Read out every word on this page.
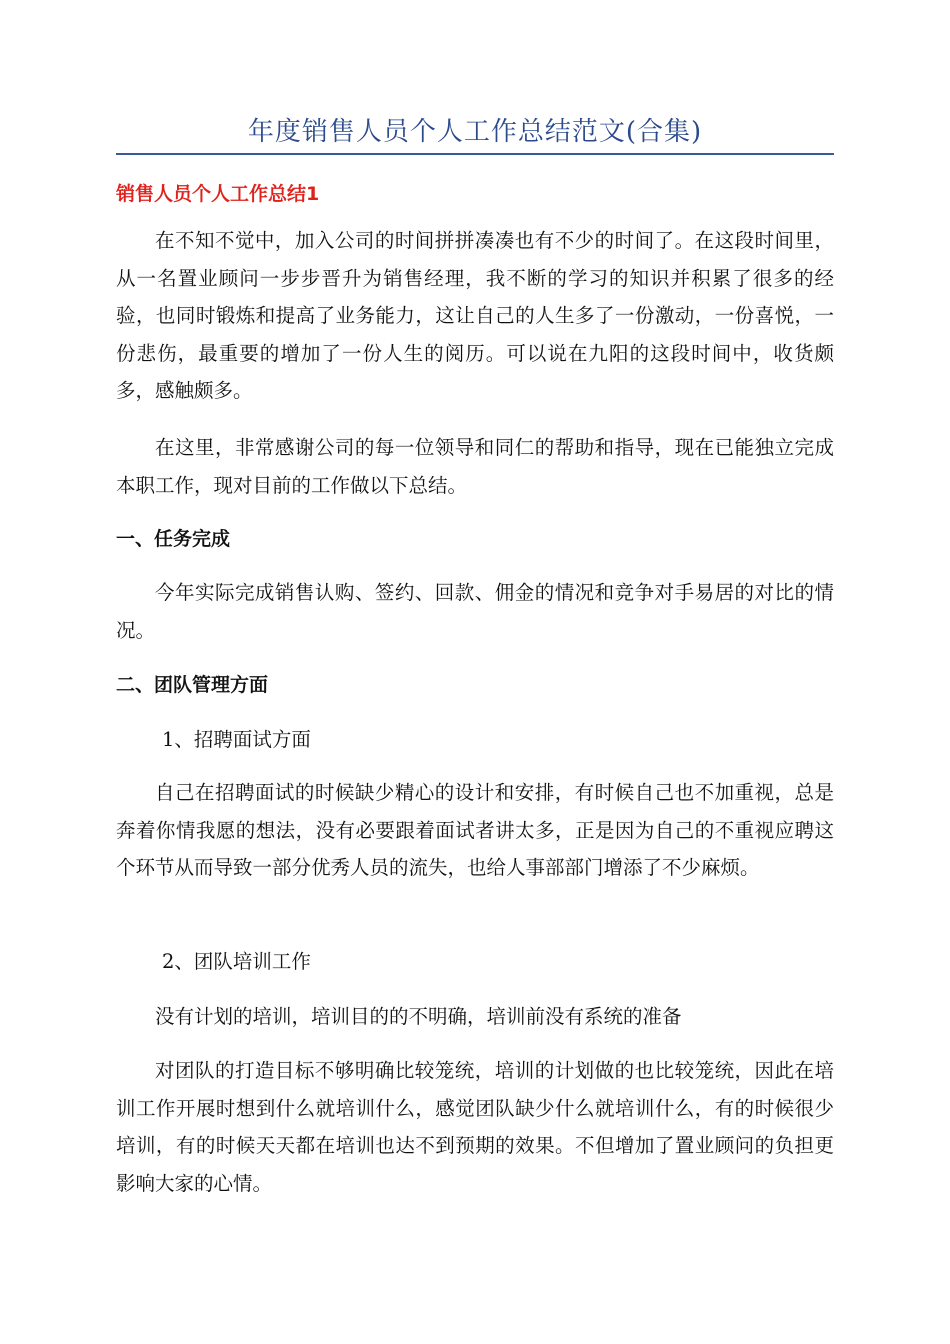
年度销售人员个人工作总结范文(合集)
销售人员个人工作总结1

在不知不觉中，加入公司的时间拼拼凑凑也有不少的时间了。在这段时间里，从一名置业顾问一步步晋升为销售经理，我不断的学习的知识并积累了很多的经验，也同时锻炼和提高了业务能力，这让自己的人生多了一份激动，一份喜悦，一份悲伤，最重要的增加了一份人生的阅历。可以说在九阳的这段时间中，收货颇多，感触颇多。

在这里，非常感谢公司的每一位领导和同仁的帮助和指导，现在已能独立完成本职工作，现对目前的工作做以下总结。

一、任务完成

今年实际完成销售认购、签约、回款、佣金的情况和竞争对手易居的对比的情况。

二、团队管理方面
1、招聘面试方面

自己在招聘面试的时候缺少精心的设计和安排，有时候自己也不加重视，总是奔着你情我愿的想法，没有必要跟着面试者讲太多，正是因为自己的不重视应聘这个环节从而导致一部分优秀人员的流失，也给人事部部门增添了不少麻烦。

2、团队培训工作

没有计划的培训，培训目的的不明确，培训前没有系统的准备

对团队的打造目标不够明确比较笼统，培训的计划做的也比较笼统，因此在培训工作开展时想到什么就培训什么，感觉团队缺少什么就培训什么，有的时候很少培训，有的时候天天都在培训也达不到预期的效果。不但增加了置业顾问的负担更影响大家的心情。
